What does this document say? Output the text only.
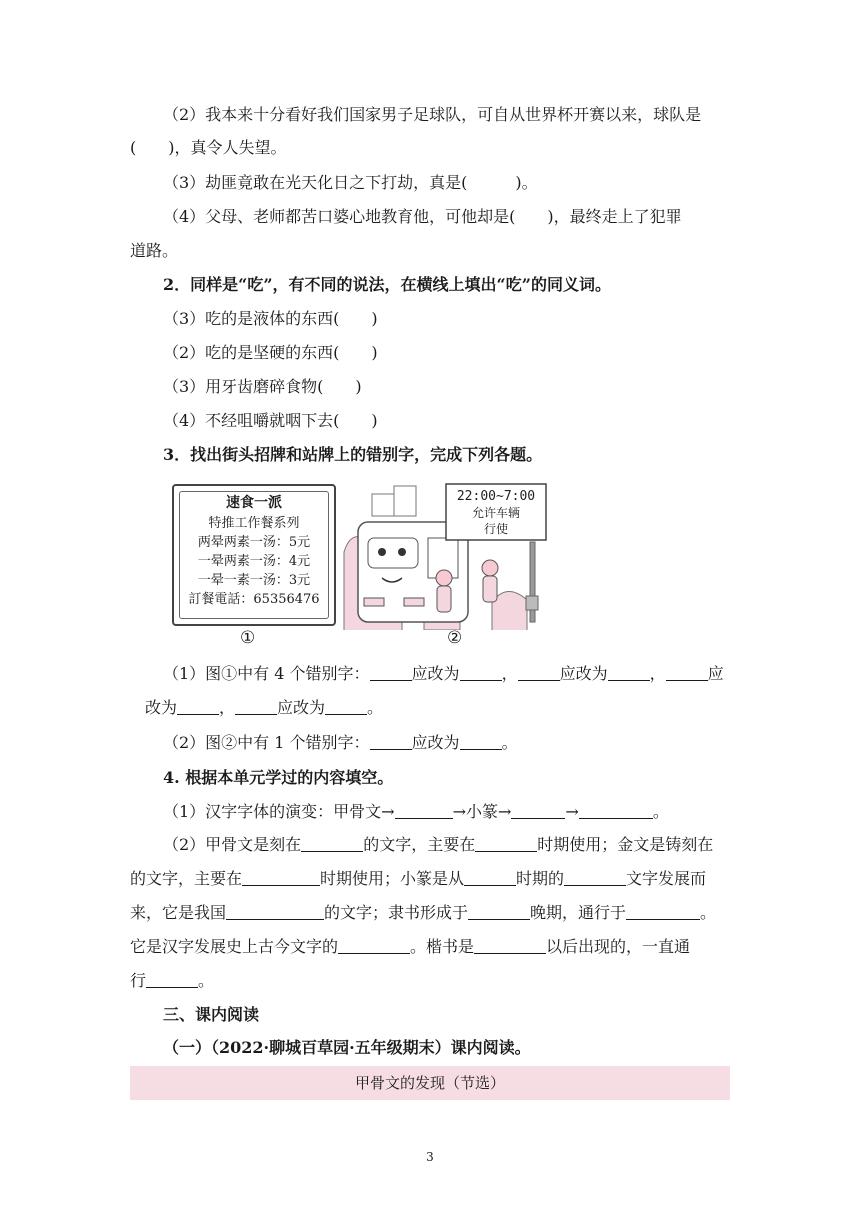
（2）我本来十分看好我们国家男子足球队，可自从世界杯开赛以来，球队是
(　　)，真令人失望。
（3）劫匪竟敢在光天化日之下打劫，真是(　　　)。
（4）父母、老师都苦口婆心地教育他，可他却是(　　)，最终走上了犯罪
道路。
2．同样是“吃”，有不同的说法，在横线上填出“吃”的同义词。
（3）吃的是液体的东西(　　)
（2）吃的是坚硬的东西(　　)
（3）用牙齿磨碎食物(　　)
（4）不经咀嚼就咽下去(　　)
3．找出街头招牌和站牌上的错别字，完成下列各题。
速食一派
特推工作餐系列
两晕两素一汤：5元
一晕两素一汤：4元
一晕一素一汤：3元
訂餐電話：65356476
①
22:00~7:00
允许车辆
行使
②
（1）图①中有 4 个错别字：	应改为	，	应改为	，	应
改为	，	应改为	。
（2）图②中有 1 个错别字：	应改为	。
4. 根据本单元学过的内容填空。
（1）汉字字体的演变：甲骨文→	→小篆→	→	。
（2）甲骨文是刻在	的文字，主要在	时期使用；金文是铸刻在
的文字，主要在	时期使用；小篆是从	时期的	文字发展而
来，它是我国	的文字；隶书形成于	晚期，通行于	。
它是汉字发展史上古今文字的	。楷书是	以后出现的，一直通
行	。
三、课内阅读
（一）（2022·聊城百草园·五年级期末）课内阅读。
甲骨文的发现（节选）
3
